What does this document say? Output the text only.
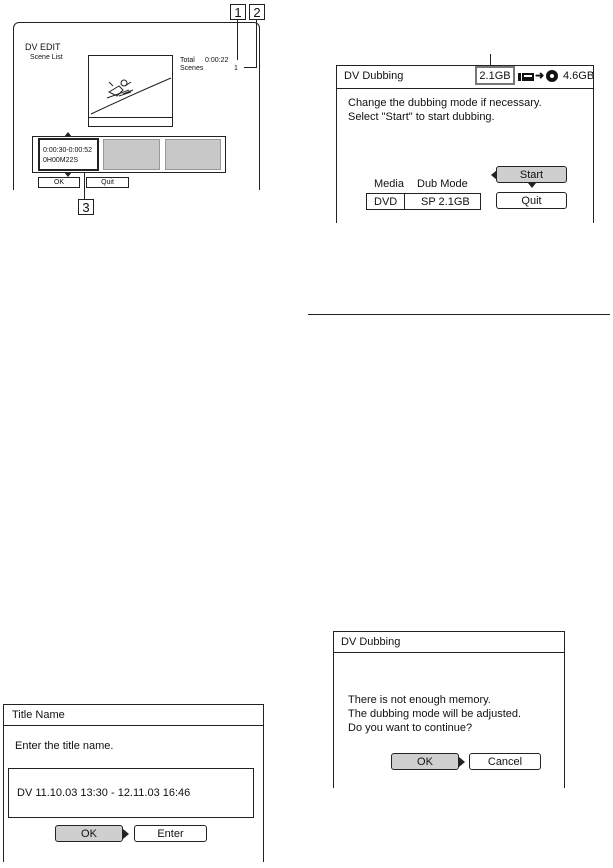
1 2
DV EDIT
Scene List	Total 0:00:22
Scenes	1
0:00:30-0:00:52
0H00M22S
OK	Quit
3
DV Dubbing	2.1GB	➜ 4.6GB
Change the dubbing mode if necessary.
Select "Start" to start dubbing.
Media Dub Mode
DVD SP 2.1GB
Start
Quit
Title Name
Enter the title name.
DV 11.10.03 13:30 - 12.11.03 16:46
OK	Enter
DV Dubbing
There is not enough memory.
The dubbing mode will be adjusted.
Do you want to continue?
OK	Cancel
